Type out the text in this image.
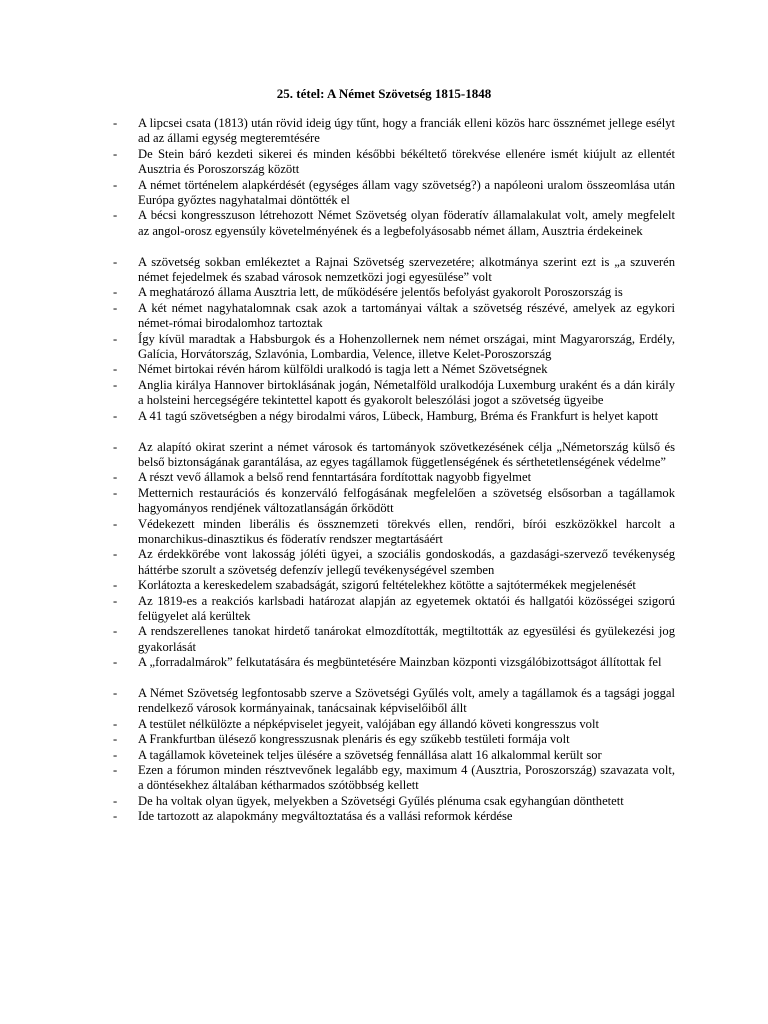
25. tétel: A Német Szövetség 1815-1848
- A lipcsei csata (1813) után rövid ideig úgy tűnt, hogy a franciák elleni közös harc össznémet jellege esélyt ad az állami egység megteremtésére
- De Stein báró kezdeti sikerei és minden későbbi békéltető törekvése ellenére ismét kiújult az ellentét Ausztria és Poroszország között
- A német történelem alapkérdését (egységes állam vagy szövetség?) a napóleoni uralom összeomlása után Európa győztes nagyhatalmai döntötték el
- A bécsi kongresszuson létrehozott Német Szövetség olyan föderatív államalakulat volt, amely megfelelt az angol-orosz egyensúly követelményének és a legbefolyásosabb német állam, Ausztria érdekeinek
- A szövetség sokban emlékeztet a Rajnai Szövetség szervezetére; alkotmánya szerint ezt is „a szuverén német fejedelmek és szabad városok nemzetközi jogi egyesülése” volt
- A meghatározó állama Ausztria lett, de működésére jelentős befolyást gyakorolt Poroszország is
- A két német nagyhatalomnak csak azok a tartományai váltak a szövetség részévé, amelyek az egykori német-római birodalomhoz tartoztak
- Így kívül maradtak a Habsburgok és a Hohenzollernek nem német országai, mint Magyarország, Erdély, Galícia, Horvátország, Szlavónia, Lombardia, Velence, illetve Kelet-Poroszország
- Német birtokai révén három külföldi uralkodó is tagja lett a Német Szövetségnek
- Anglia királya Hannover birtoklásának jogán, Németalföld uralkodója Luxemburg uraként és a dán király a holsteini hercegségére tekintettel kapott és gyakorolt beleszólási jogot a szövetség ügyeibe
- A 41 tagú szövetségben a négy birodalmi város, Lübeck, Hamburg, Bréma és Frankfurt is helyet kapott
- Az alapító okirat szerint a német városok és tartományok szövetkezésének célja „Németország külső és belső biztonságának garantálása, az egyes tagállamok függetlenségének és sérthetetlenségének védelme”
- A részt vevő államok a belső rend fenntartására fordítottak nagyobb figyelmet
- Metternich restaurációs és konzerváló felfogásának megfelelően a szövetség elsősorban a tagállamok hagyományos rendjének változatlanságán őrködött
- Védekezett minden liberális és össznemzeti törekvés ellen, rendőri, bírói eszközökkel harcolt a monarchikus-dinasztikus és föderatív rendszer megtartásáért
- Az érdekkörébe vont lakosság jóléti ügyei, a szociális gondoskodás, a gazdasági-szervező tevékenység háttérbe szorult a szövetség defenzív jellegű tevékenységével szemben
- Korlátozta a kereskedelem szabadságát, szigorú feltételekhez kötötte a sajtótermékek megjelenését
- Az 1819-es a reakciós karlsbadi határozat alapján az egyetemek oktatói és hallgatói közösségei szigorú felügyelet alá kerültek
- A rendszerellenes tanokat hirdető tanárokat elmozdították, megtiltották az egyesülési és gyülekezési jog gyakorlását
- A „forradalmárok” felkutatására és megbüntetésére Mainzban központi vizsgálóbizottságot állítottak fel
- A Német Szövetség legfontosabb szerve a Szövetségi Gyűlés volt, amely a tagállamok és a tagsági joggal rendelkező városok kormányainak, tanácsainak képviselőiből állt
- A testület nélkülözte a népképviselet jegyeit, valójában egy állandó követi kongresszus volt
- A Frankfurtban ülésező kongresszusnak plenáris és egy szűkebb testületi formája volt
- A tagállamok követeinek teljes ülésére a szövetség fennállása alatt 16 alkalommal került sor
- Ezen a fórumon minden résztvevőnek legalább egy, maximum 4 (Ausztria, Poroszország) szavazata volt, a döntésekhez általában kétharmados szótöbbség kellett
- De ha voltak olyan ügyek, melyekben a Szövetségi Gyűlés plénuma csak egyhangúan dönthetett
- Ide tartozott az alapokmány megváltoztatása és a vallási reformok kérdése
